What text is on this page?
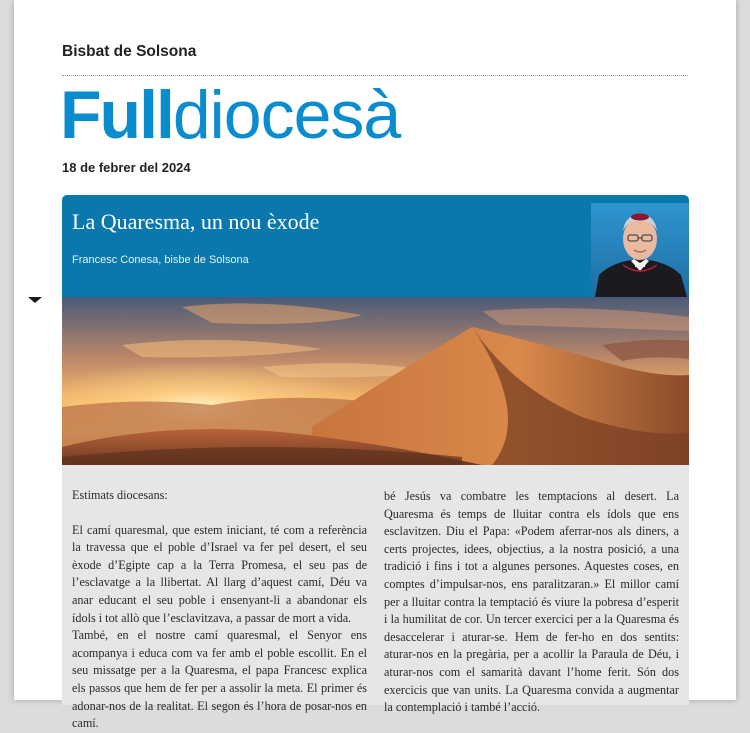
Bisbat de Solsona
Fulldiocesà
18 de febrer del 2024
La Quaresma, un nou èxode
Francesc Conesa, bisbe de Solsona

Estimats diocesans:

El camí quaresmal, que estem iniciant, té com a referència la travessa que el poble d’Israel va fer pel desert, el seu èxode d’Egipte cap a la Terra Promesa, el seu pas de l’esclavatge a la llibertat. Al llarg d’aquest camí, Déu va anar educant el seu poble i ensenyant-li a abandonar els ídols i tot allò que l’esclavitzava, a passar de mort a vida.

També, en el nostre camí quaresmal, el Senyor ens acompanya i educa com va fer amb el poble escollit. En el seu missatge per a la Quaresma, el papa Francesc explica els passos que hem de fer per a assolir la meta. El primer és adonar-nos de la realitat. El segon és l’hora de posar-nos en camí.

bé Jesús va combatre les temptacions al desert. La Quaresma és temps de lluitar contra els ídols que ens esclavitzen. Diu el Papa: «Podem aferrar-nos als diners, a certs projectes, idees, objectius, a la nostra posició, a una tradició i fins i tot a algunes persones. Aquestes coses, en comptes d’impulsar-nos, ens paralitzaran.» El millor camí per a lluitar contra la temptació és viure la pobresa d’esperit i la humilitat de cor. Un tercer exercici per a la Quaresma és desaccelerar i aturar-se. Hem de fer-ho en dos sentits: aturar-nos en la pregària, per a acollir la Paraula de Déu, i aturar-nos com el samarità davant l’home ferit. Són dos exercicis que van units. La Quaresma convida a augmentar la contemplació i també l’acció.
